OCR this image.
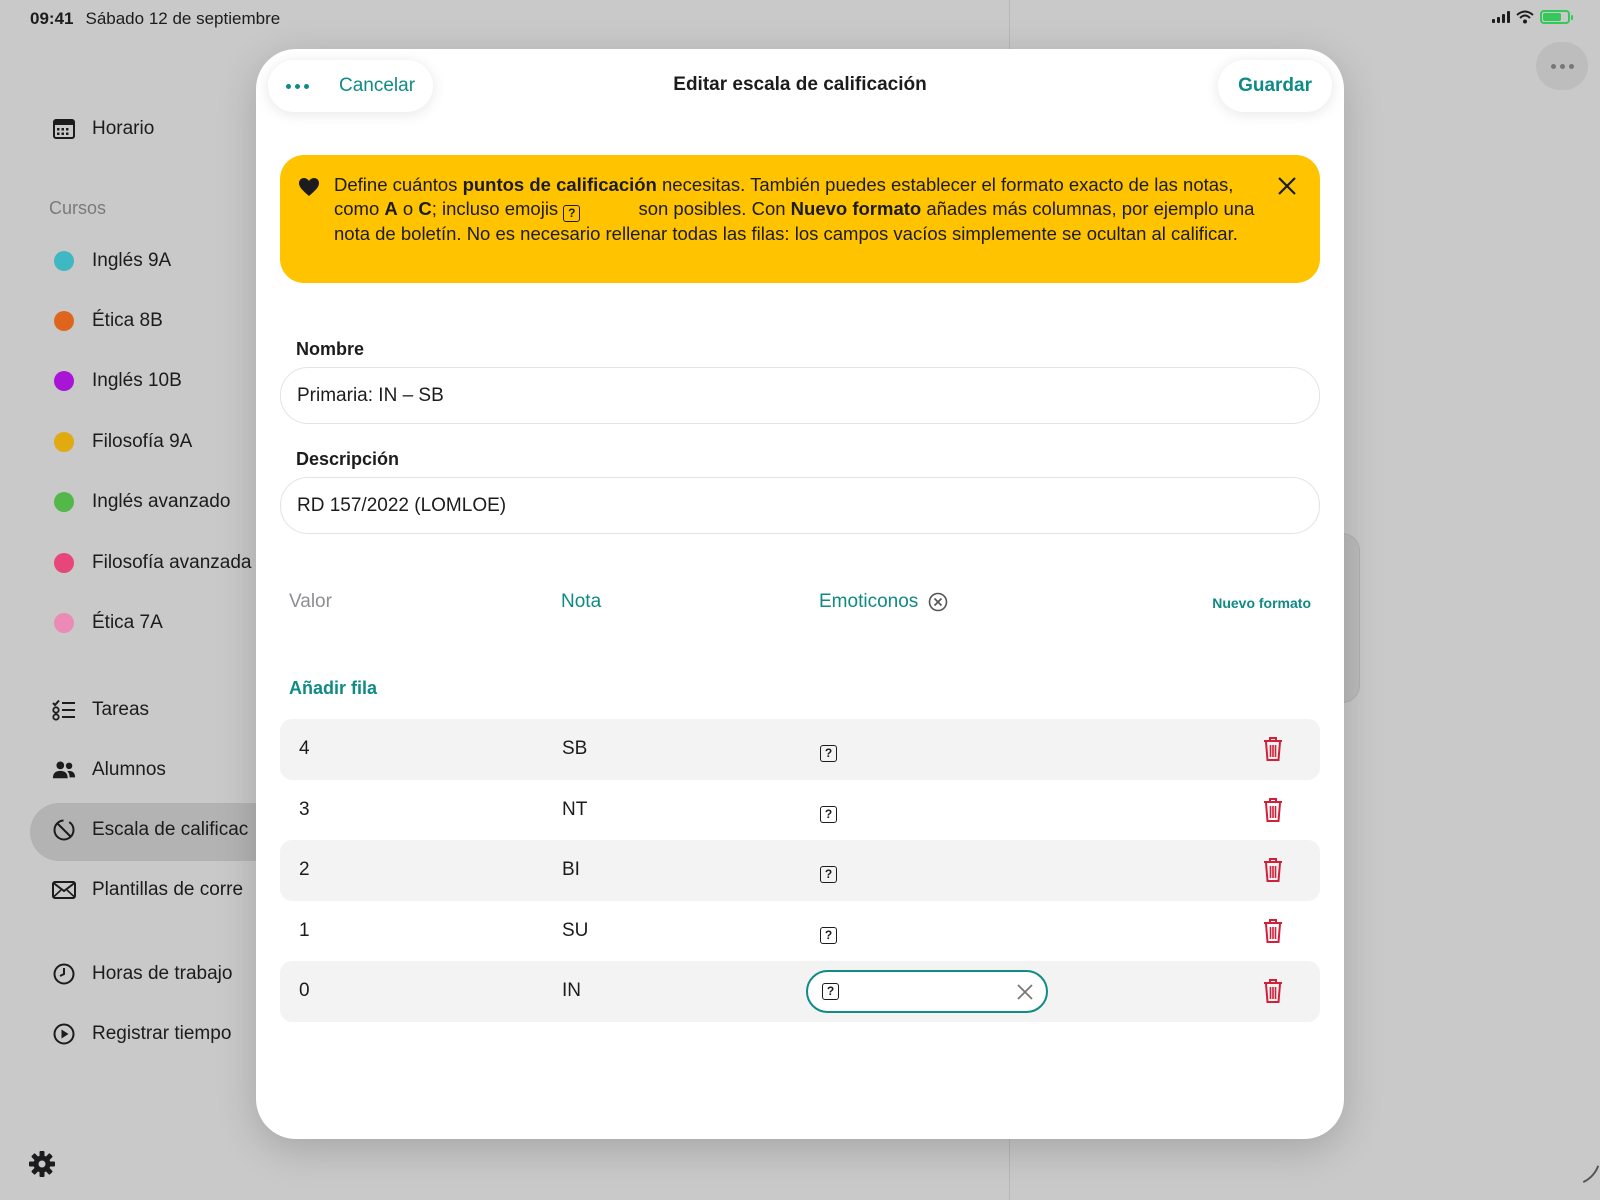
09:41 Sábado 12 de septiembre
Horario
Cursos
Inglés 9A
Ética 8B
Inglés 10B
Filosofía 9A
Inglés avanzado
Filosofía avanzada
Ética 7A
Tareas
Alumnos
Escala de calificac
Plantillas de corre
Horas de trabajo
Registrar tiempo
Cancelar	Editar escala de calificación	Guardar
Define cuántos puntos de calificación necesitas. También puedes establecer el formato exacto de las notas, como A o C; incluso emojis ?	son posibles. Con Nuevo formato añades más columnas, por ejemplo una nota de boletín. No es necesario rellenar todas las filas: los campos vacíos simplemente se ocultan al calificar.
Nombre
Primaria: IN – SB
Descripción
RD 157/2022 (LOMLOE)
Valor	Nota	Emoticonos	Nuevo formato
Añadir fila
4	SB	?
3	NT	?
2	BI	?
1	SU	?
0	IN	?
